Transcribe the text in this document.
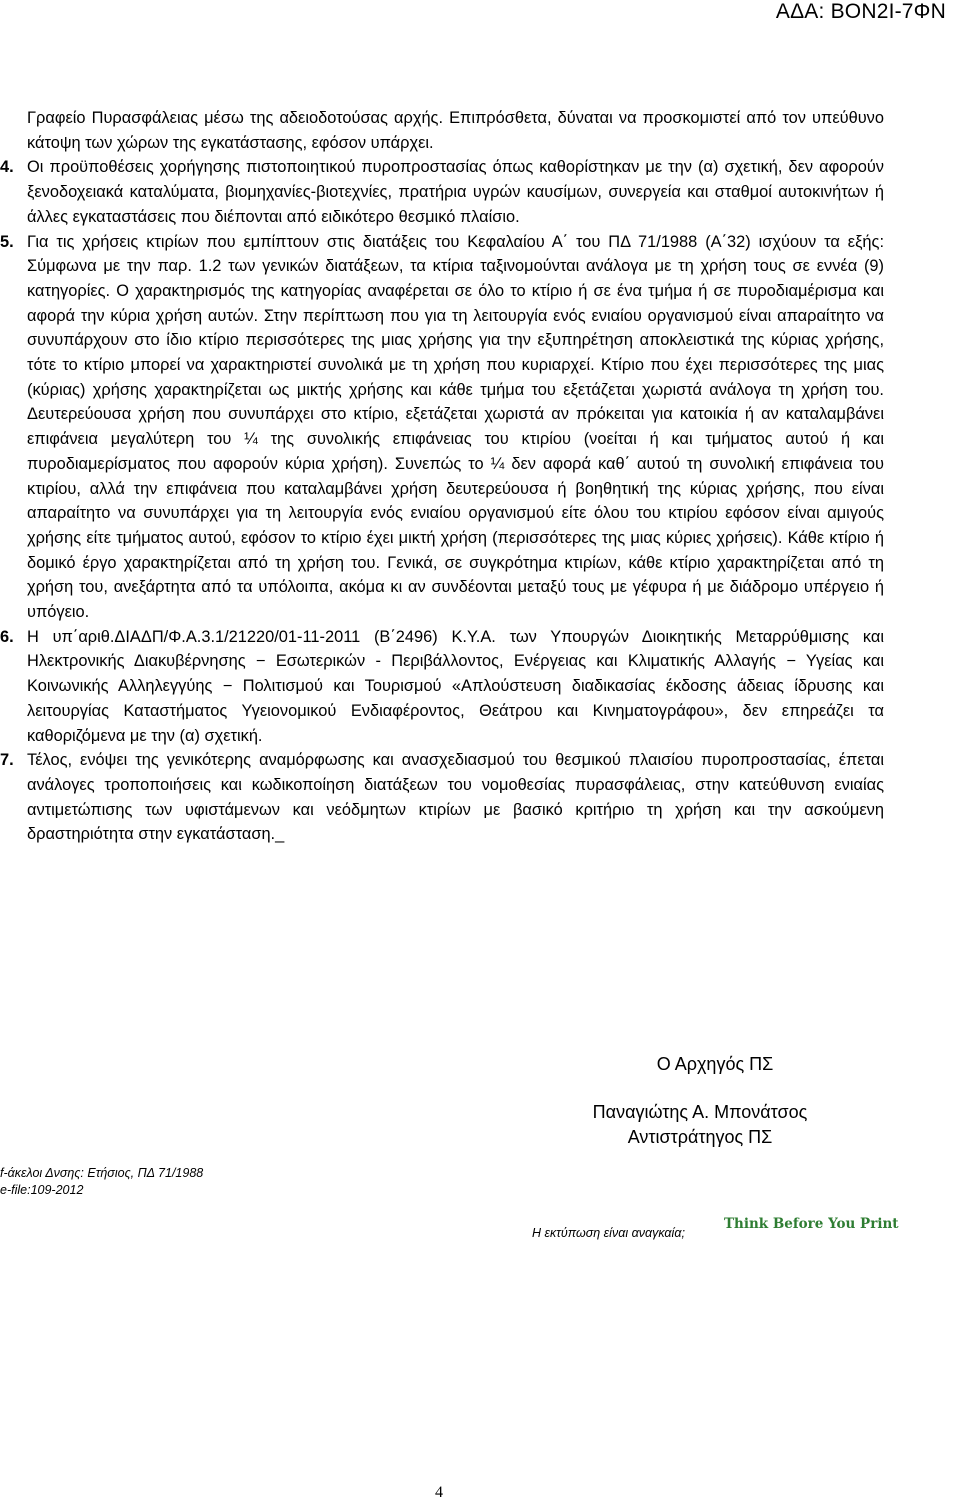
ΑΔΑ: ΒΟΝ2Ι-7ΦΝ

Γραφείο Πυρασφάλειας μέσω της αδειοδοτούσας αρχής. Επιπρόσθετα, δύναται να προσκομιστεί από τον υπεύθυνο κάτοψη των χώρων της εγκατάστασης, εφόσον υπάρχει.

4. Οι προϋποθέσεις χορήγησης πιστοποιητικού πυροπροστασίας όπως καθορίστηκαν με την (α) σχετική, δεν αφορούν ξενοδοχειακά καταλύματα, βιομηχανίες-βιοτεχνίες, πρατήρια υγρών καυσίμων, συνεργεία και σταθμοί αυτοκινήτων ή άλλες εγκαταστάσεις που διέπονται από ειδικότερο θεσμικό πλαίσιο.

5. Για τις χρήσεις κτιρίων που εμπίπτουν στις διατάξεις του Κεφαλαίου Α΄ του ΠΔ 71/1988 (Α΄32) ισχύουν τα εξής: Σύμφωνα με την παρ. 1.2 των γενικών διατάξεων, τα κτίρια ταξινομούνται ανάλογα με τη χρήση τους σε εννέα (9) κατηγορίες. Ο χαρακτηρισμός της κατηγορίας αναφέρεται σε όλο το κτίριο ή σε ένα τμήμα ή σε πυροδιαμέρισμα και αφορά την κύρια χρήση αυτών. Στην περίπτωση που για τη λειτουργία ενός ενιαίου οργανισμού είναι απαραίτητο να συνυπάρχουν στο ίδιο κτίριο περισσότερες της μιας χρήσης για την εξυπηρέτηση αποκλειστικά της κύριας χρήσης, τότε το κτίριο μπορεί να χαρακτηριστεί συνολικά με τη χρήση που κυριαρχεί. Κτίριο που έχει περισσότερες της μιας (κύριας) χρήσης χαρακτηρίζεται ως μικτής χρήσης και κάθε τμήμα του εξετάζεται χωριστά ανάλογα τη χρήση του. Δευτερεύουσα χρήση που συνυπάρχει στο κτίριο, εξετάζεται χωριστά αν πρόκειται για κατοικία ή αν καταλαμβάνει επιφάνεια μεγαλύτερη του ¼ της συνολικής επιφάνειας του κτιρίου (νοείται ή και τμήματος αυτού ή και πυροδιαμερίσματος που αφορούν κύρια χρήση). Συνεπώς το ¼ δεν αφορά καθ΄ αυτού τη συνολική επιφάνεια του κτιρίου, αλλά την επιφάνεια που καταλαμβάνει χρήση δευτερεύουσα ή βοηθητική της κύριας χρήσης, που είναι απαραίτητο να συνυπάρχει για τη λειτουργία ενός ενιαίου οργανισμού είτε όλου του κτιρίου εφόσον είναι αμιγούς χρήσης είτε τμήματος αυτού, εφόσον το κτίριο έχει μικτή χρήση (περισσότερες της μιας κύριες χρήσεις). Κάθε κτίριο ή δομικό έργο χαρακτηρίζεται από τη χρήση του. Γενικά, σε συγκρότημα κτιρίων, κάθε κτίριο χαρακτηρίζεται από τη χρήση του, ανεξάρτητα από τα υπόλοιπα, ακόμα κι αν συνδέονται μεταξύ τους με γέφυρα ή με διάδρομο υπέργειο ή υπόγειο.

6. Η υπ΄αριθ.ΔΙΑΔΠ/Φ.Α.3.1/21220/01-11-2011 (Β΄2496) Κ.Υ.Α. των Υπουργών Διοικητικής Μεταρρύθμισης και Ηλεκτρονικής Διακυβέρνησης − Εσωτερικών - Περιβάλλοντος, Ενέργειας και Κλιματικής Αλλαγής − Υγείας και Κοινωνικής Αλληλεγγύης − Πολιτισμού και Τουρισμού «Απλούστευση διαδικασίας έκδοσης άδειας ίδρυσης και λειτουργίας Καταστήματος Υγειονομικού Ενδιαφέροντος, Θεάτρου και Κινηματογράφου», δεν επηρεάζει τα καθοριζόμενα με την (α) σχετική.

7. Τέλος, ενόψει της γενικότερης αναμόρφωσης και ανασχεδιασμού του θεσμικού πλαισίου πυροπροστασίας, έπεται ανάλογες τροποποιήσεις και κωδικοποίηση διατάξεων του νομοθεσίας πυρασφάλειας, στην κατεύθυνση ενιαίας αντιμετώπισης των υφιστάμενων και νεόδμητων κτιρίων με βασικό κριτήριο τη χρήση και την ασκούμενη δραστηριότητα στην εγκατάσταση._

Ο Αρχηγός ΠΣ
Παναγιώτης Α. Μπονάτσος
Αντιστράτηγος ΠΣ
f-άκελοι Δνσης: Ετήσιος, ΠΔ 71/1988
e-file:109-2012
Η εκτύπωση είναι αναγκαία;
Think Before You Print
4
